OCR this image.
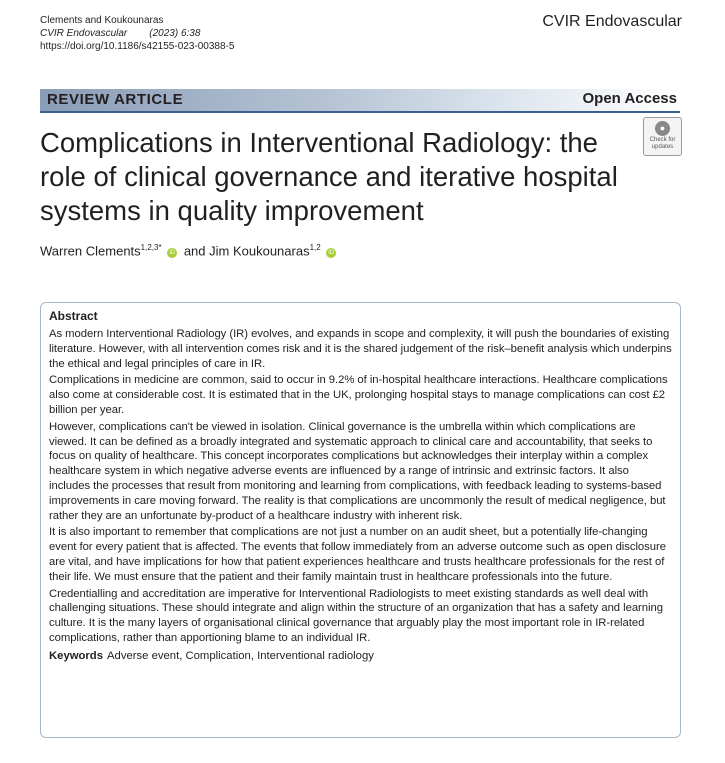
Clements and Koukounaras
CVIR Endovascular (2023) 6:38
https://doi.org/10.1186/s42155-023-00388-5
CVIR Endovascular
REVIEW ARTICLE	Open Access
●
Check for
updates
Complications in Interventional Radiology: the role of clinical governance and iterative hospital systems in quality improvement
Warren Clements$^{1,2,3*}$ iD and Jim Koukounaras$^{1,2}$ iD
Abstract

As modern Interventional Radiology (IR) evolves, and expands in scope and complexity, it will push the boundaries of existing literature. However, with all intervention comes risk and it is the shared judgement of the risk–benefit analysis which underpins the ethical and legal principles of care in IR.

Complications in medicine are common, said to occur in 9.2% of in-hospital healthcare interactions. Healthcare complications also come at considerable cost. It is estimated that in the UK, prolonging hospital stays to manage complications can cost £2 billion per year.

However, complications can't be viewed in isolation. Clinical governance is the umbrella within which complications are viewed. It can be defined as a broadly integrated and systematic approach to clinical care and accountability, that seeks to focus on quality of healthcare. This concept incorporates complications but acknowledges their interplay within a complex healthcare system in which negative adverse events are influenced by a range of intrinsic and extrinsic factors. It also includes the processes that result from monitoring and learning from complications, with feedback leading to systems-based improvements in care moving forward. The reality is that complications are uncommonly the result of medical negligence, but rather they are an unfortunate by-product of a healthcare industry with inherent risk.

It is also important to remember that complications are not just a number on an audit sheet, but a potentially life-changing event for every patient that is affected. The events that follow immediately from an adverse outcome such as open disclosure are vital, and have implications for how that patient experiences healthcare and trusts healthcare professionals for the rest of their life. We must ensure that the patient and their family maintain trust in healthcare professionals into the future.

Credentialling and accreditation are imperative for Interventional Radiologists to meet existing standards as well deal with challenging situations. These should integrate and align within the structure of an organization that has a safety and learning culture. It is the many layers of organisational clinical governance that arguably play the most important role in IR-related complications, rather than apportioning blame to an individual IR.

Keywords Adverse event, Complication, Interventional radiology
